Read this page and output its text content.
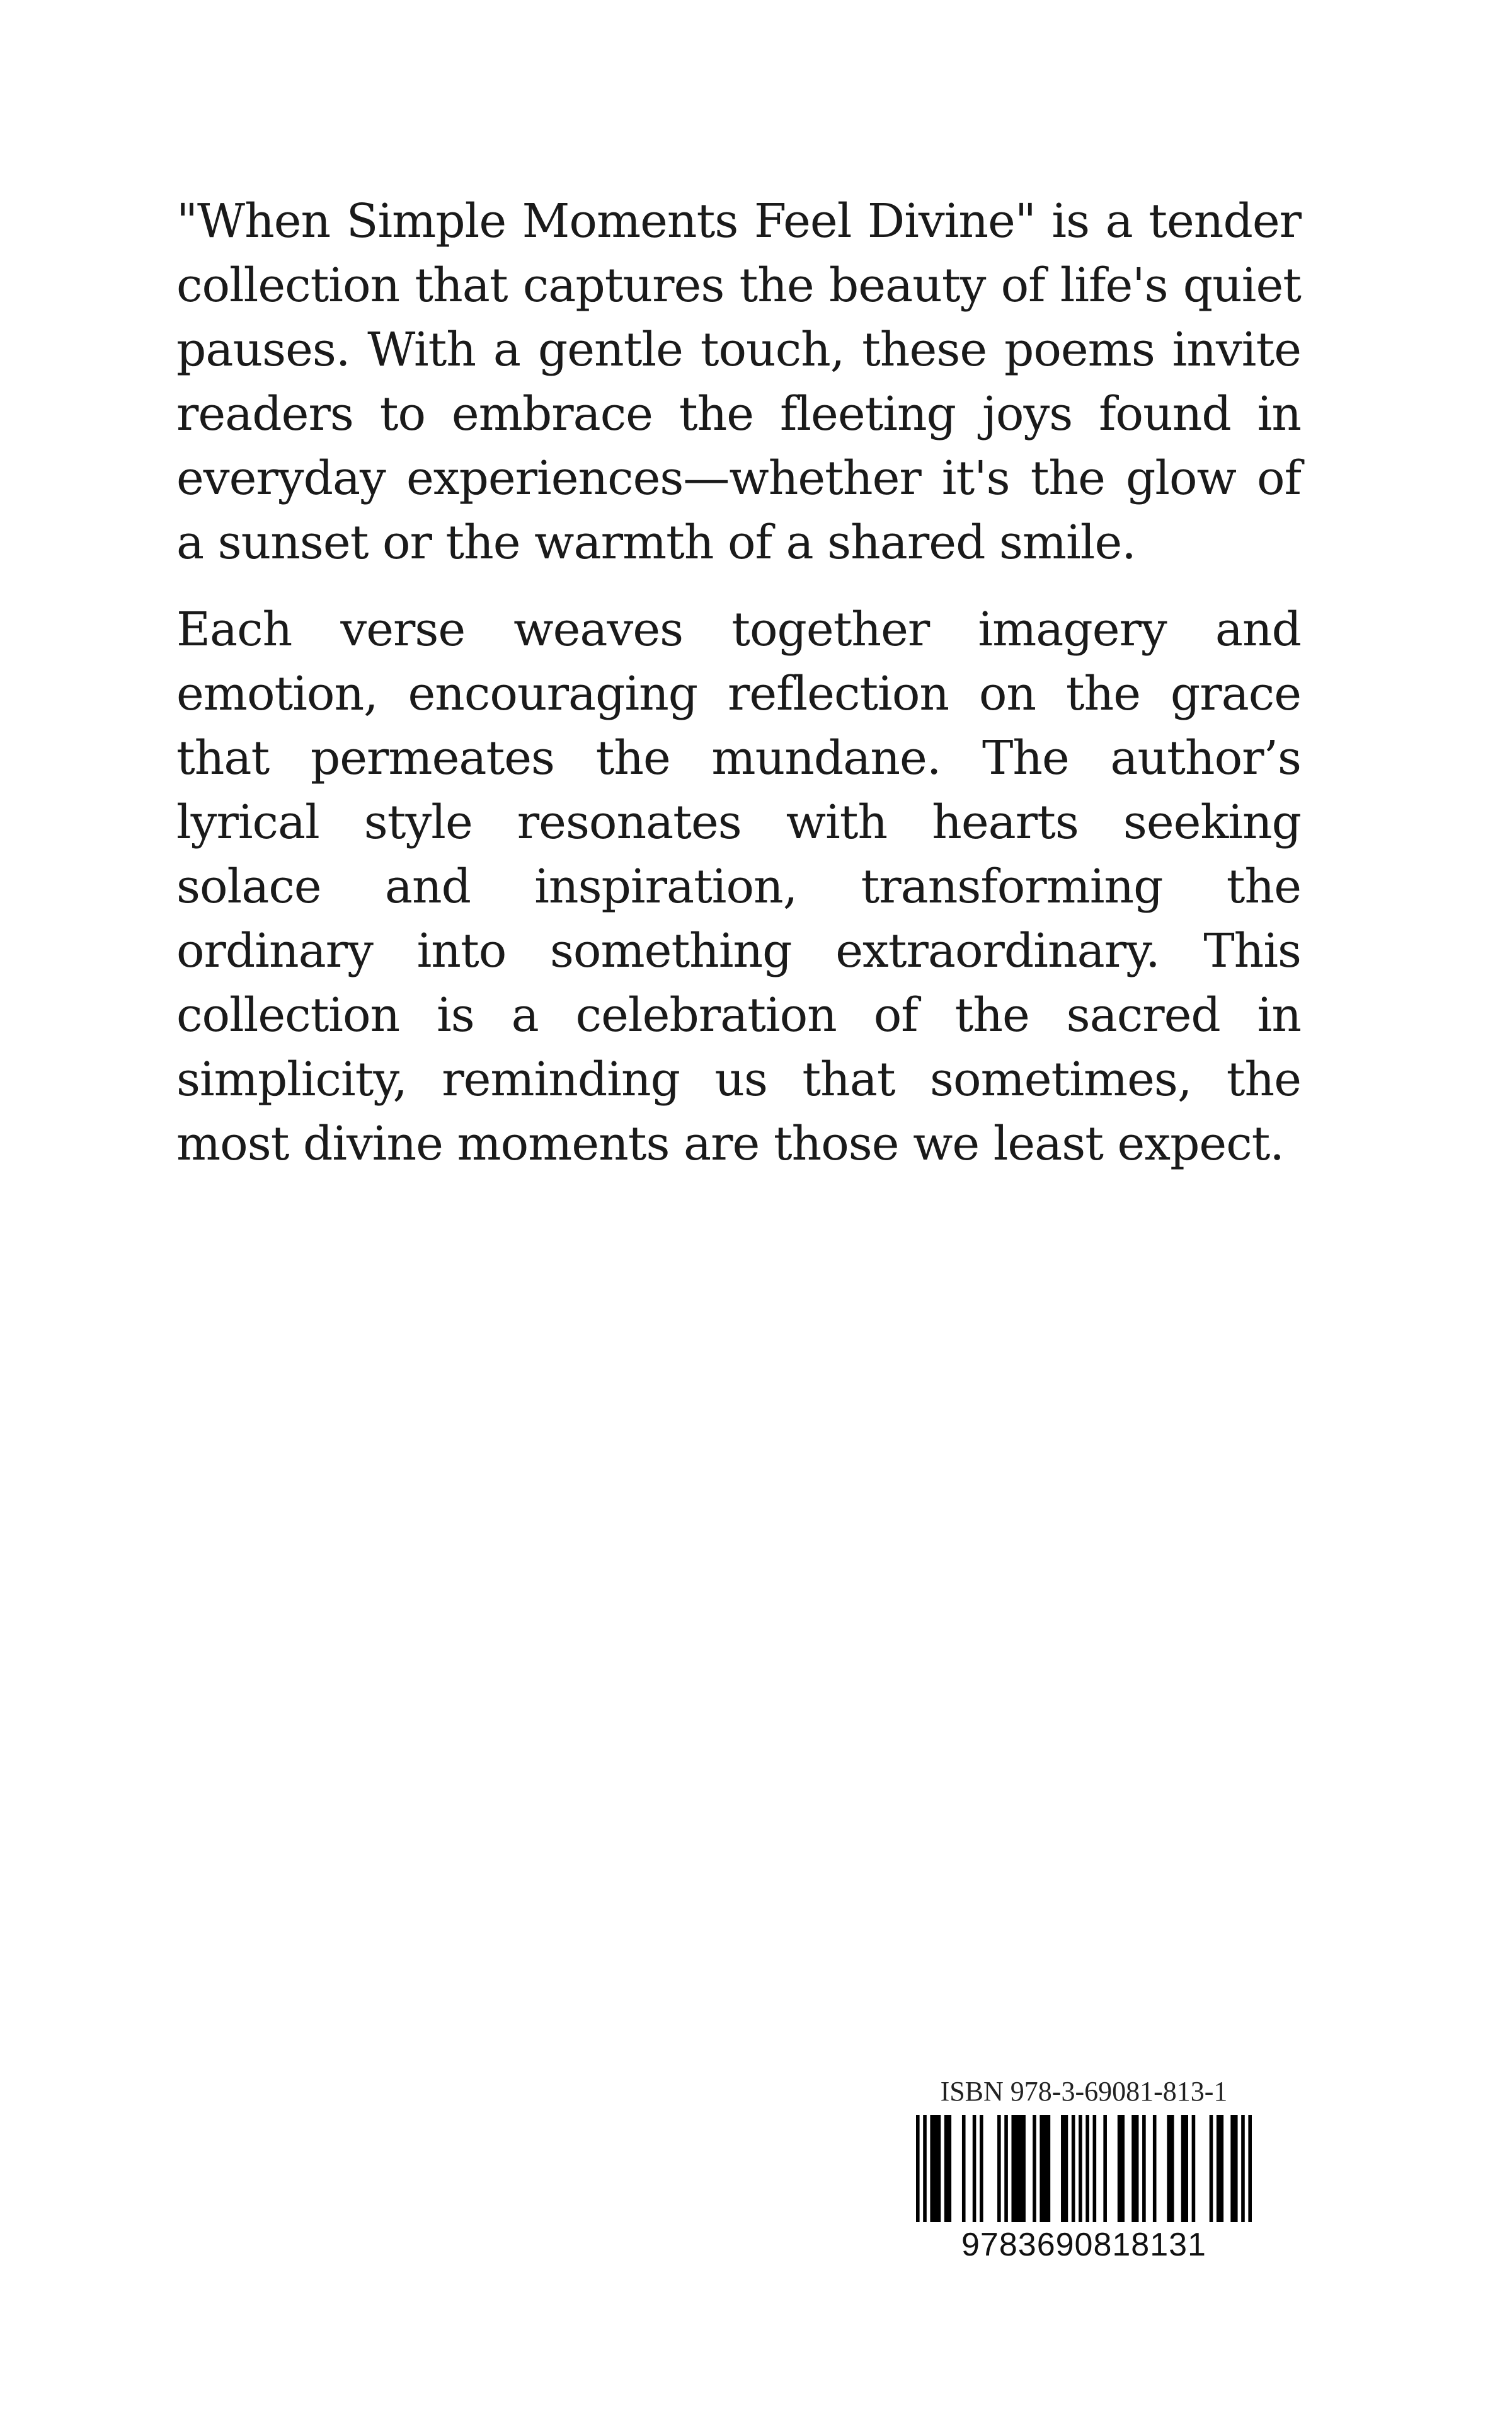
"When Simple Moments Feel Divine" is a tender collection that captures the beauty of life's quiet pauses. With a gentle touch, these poems invite readers to embrace the fleeting joys found in everyday experiences—whether it's the glow of a sunset or the warmth of a shared smile.

Each verse weaves together imagery and emotion, encouraging reflection on the grace that permeates the mundane. The author’s lyrical style resonates with hearts seeking solace and inspiration, transforming the ordinary into something extraordinary. This collection is a celebration of the sacred in simplicity, reminding us that sometimes, the most divine moments are those we least expect.

ISBN 978-3-69081-813-1
9783690818131
